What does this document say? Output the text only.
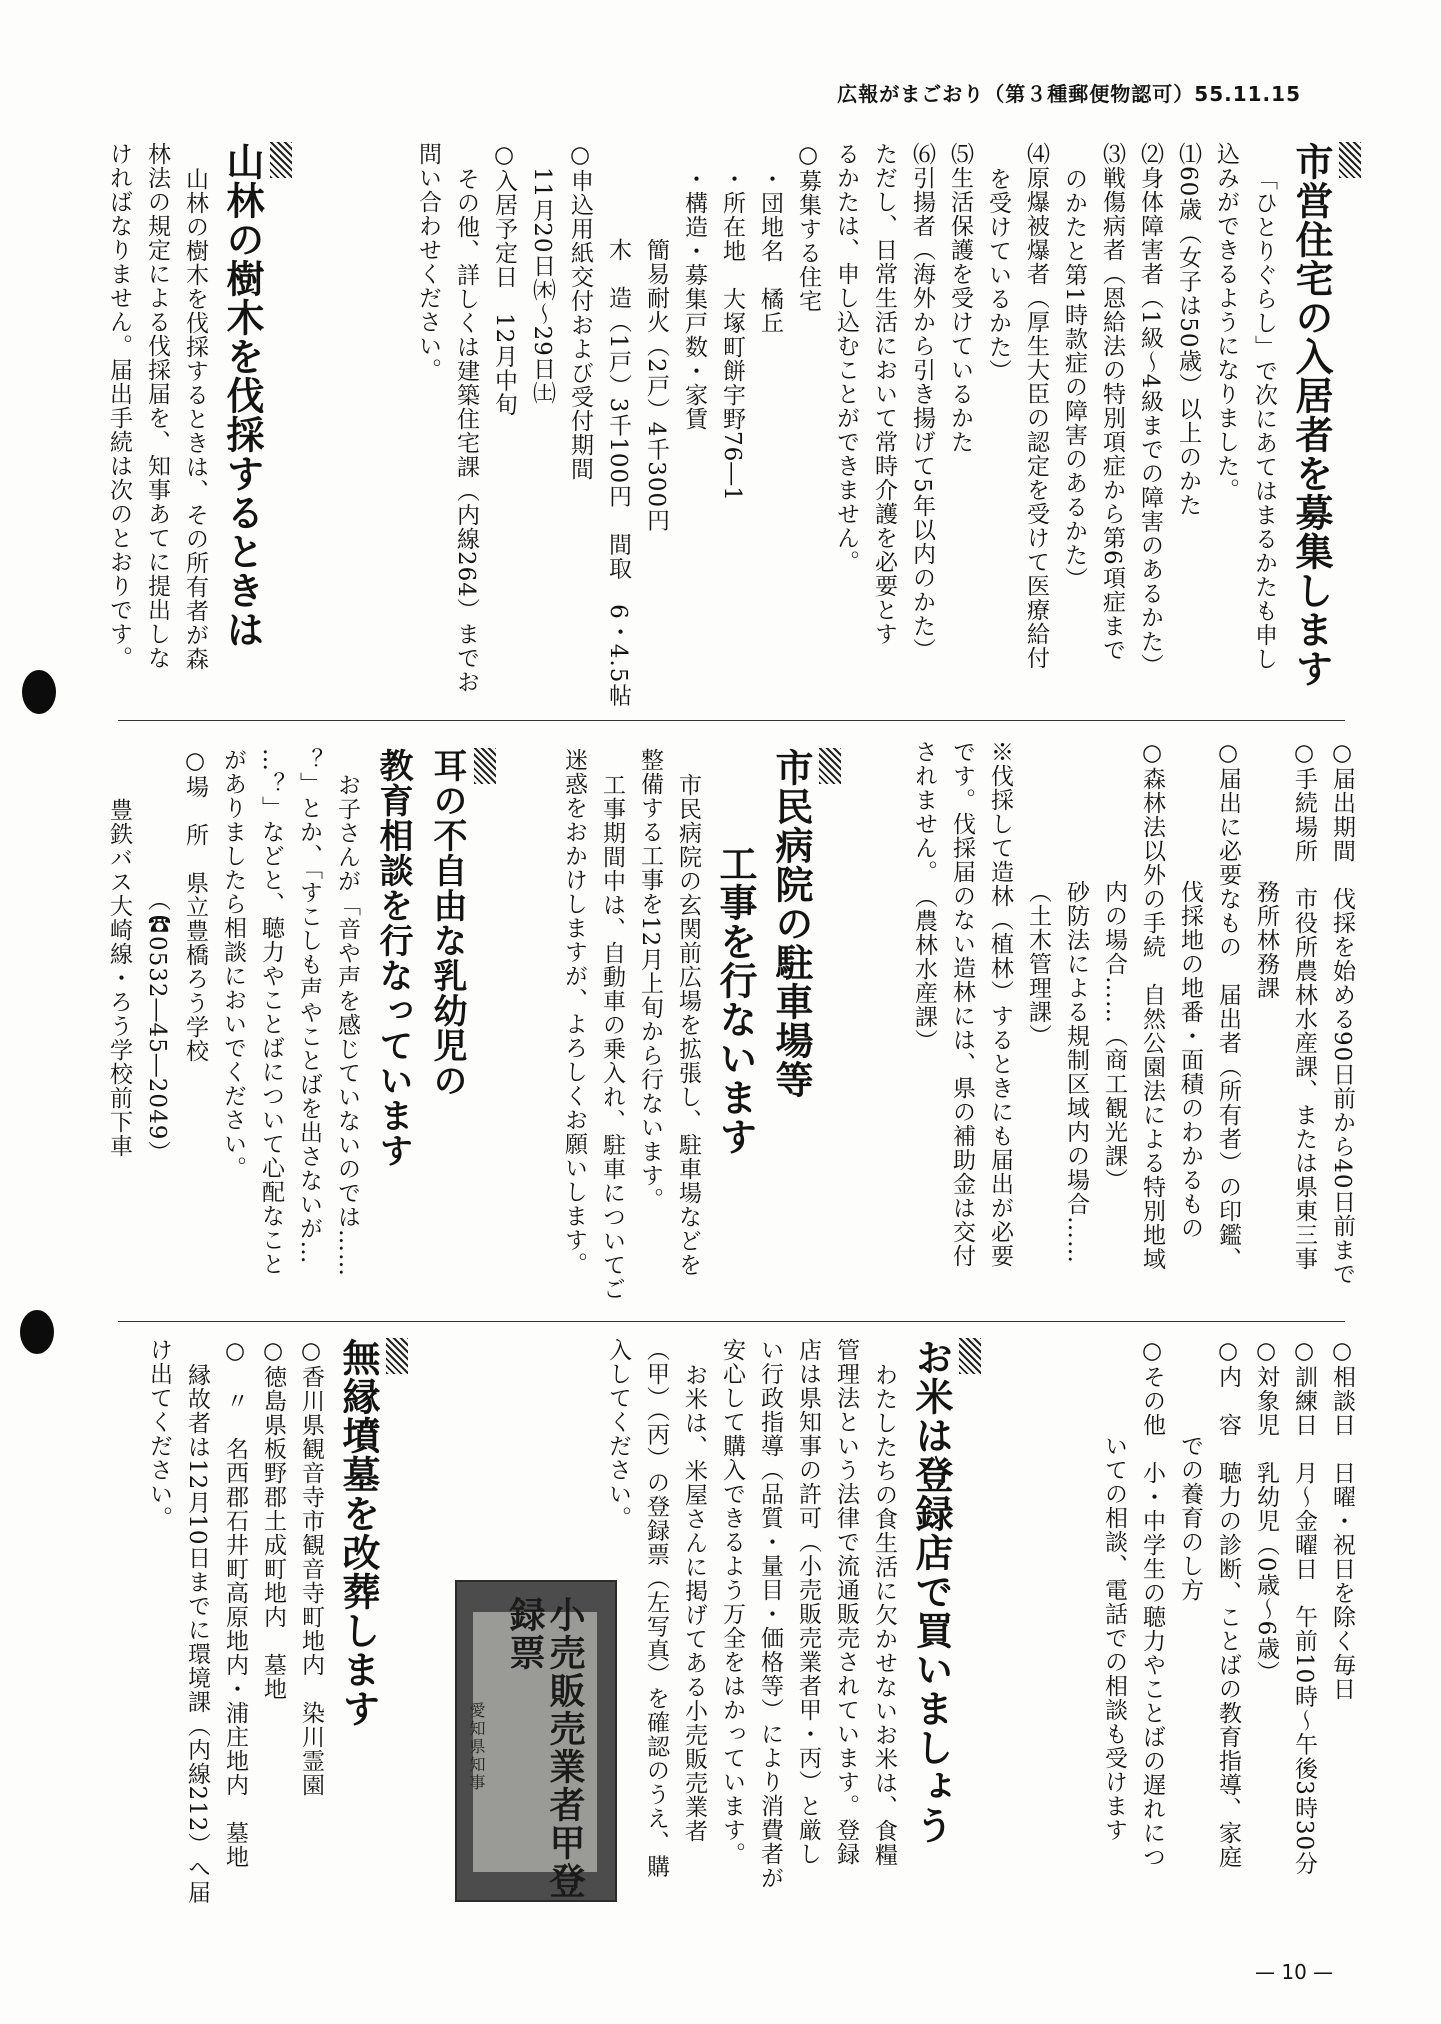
広報がまごおり（第３種郵便物認可）55.11.15
市営住宅の入居者を募集します
「ひとりぐらし」で次にあてはまるかたも申し
込みができるようになりました。
⑴60歳（女子は50歳）以上のかた
⑵身体障害者（1級～4級までの障害のあるかた）
⑶戦傷病者（恩給法の特別項症から第6項症まで
のかたと第1時款症の障害のあるかた）
⑷原爆被爆者（厚生大臣の認定を受けて医療給付
を受けているかた）
⑸生活保護を受けているかた
⑹引揚者（海外から引き揚げて5年以内のかた）
ただし、日常生活において常時介護を必要とす
るかたは、申し込むことができません。
○募集する住宅
・団地名　橘丘
・所在地　大塚町餅宇野76―1
・構造・募集戸数・家賃
簡易耐火（2戸）4千300円
木　造（1戸）3千100円　間取　6・4.5帖
○申込用紙交付および受付期間
11月20日㈭～29日㈯
○入居予定日　12月中旬
その他、詳しくは建築住宅課（内線264）までお
問い合わせください。
山林の樹木を伐採するときは
山林の樹木を伐採するときは、その所有者が森
林法の規定による伐採届を、知事あてに提出しな
ければなりません。届出手続は次のとおりです。
○届出期間　伐採を始める90日前から40日前まで
○手続場所　市役所農林水産課、または県東三事
務所林務課
○届出に必要なもの　届出者（所有者）の印鑑、
伐採地の地番・面積のわかるもの
○森林法以外の手続　自然公園法による特別地域
内の場合……（商工観光課）
砂防法による規制区域内の場合……
（土木管理課）
※伐採して造林（植林）するときにも届出が必要
です。伐採届のない造林には、県の補助金は交付
されません。　（農林水産課）
市民病院の駐車場等
工事を行ないます
市民病院の玄関前広場を拡張し、駐車場などを
整備する工事を12月上旬から行ないます。
工事期間中は、自動車の乗入れ、駐車についてご
迷惑をおかけしますが、よろしくお願いします。
耳の不自由な乳幼児の
教育相談を行なっています
お子さんが「音や声を感じていないのでは……
？」とか、「すこしも声やことばを出さないが…
…？」などと、聴力やことばについて心配なこと
がありましたら相談においでください。
○場　所　県立豊橋ろう学校
（☎0532―45―2049）
豊鉄バス大崎線・ろう学校前下車
○相談日　日曜・祝日を除く毎日
○訓練日　月～金曜日　午前10時～午後3時30分
○対象児　乳幼児（0歳～6歳）
○内　容　聴力の診断、ことばの教育指導、家庭
での養育のし方
○その他　小・中学生の聴力やことばの遅れにつ
いての相談、電話での相談も受けます
お米は登録店で買いましょう
わたしたちの食生活に欠かせないお米は、食糧
管理法という法律で流通販売されています。登録
店は県知事の許可（小売販売業者甲・丙）と厳し
い行政指導（品質・量目・価格等）により消費者が
安心して購入できるよう万全をはかっています。
お米は、米屋さんに掲げてある小売販売業者
（甲）（丙）の登録票（左写真）を確認のうえ、購
入してください。
小売販売業者甲登録票
愛知県知事
無縁墳墓を改葬します
○香川県観音寺市観音寺町地内　染川霊園
○徳島県板野郡土成町地内　墓地
○　〃　名西郡石井町高原地内・浦庄地内　墓地
縁故者は12月10日までに環境課（内線212）へ届
け出てください。
— 10 —
